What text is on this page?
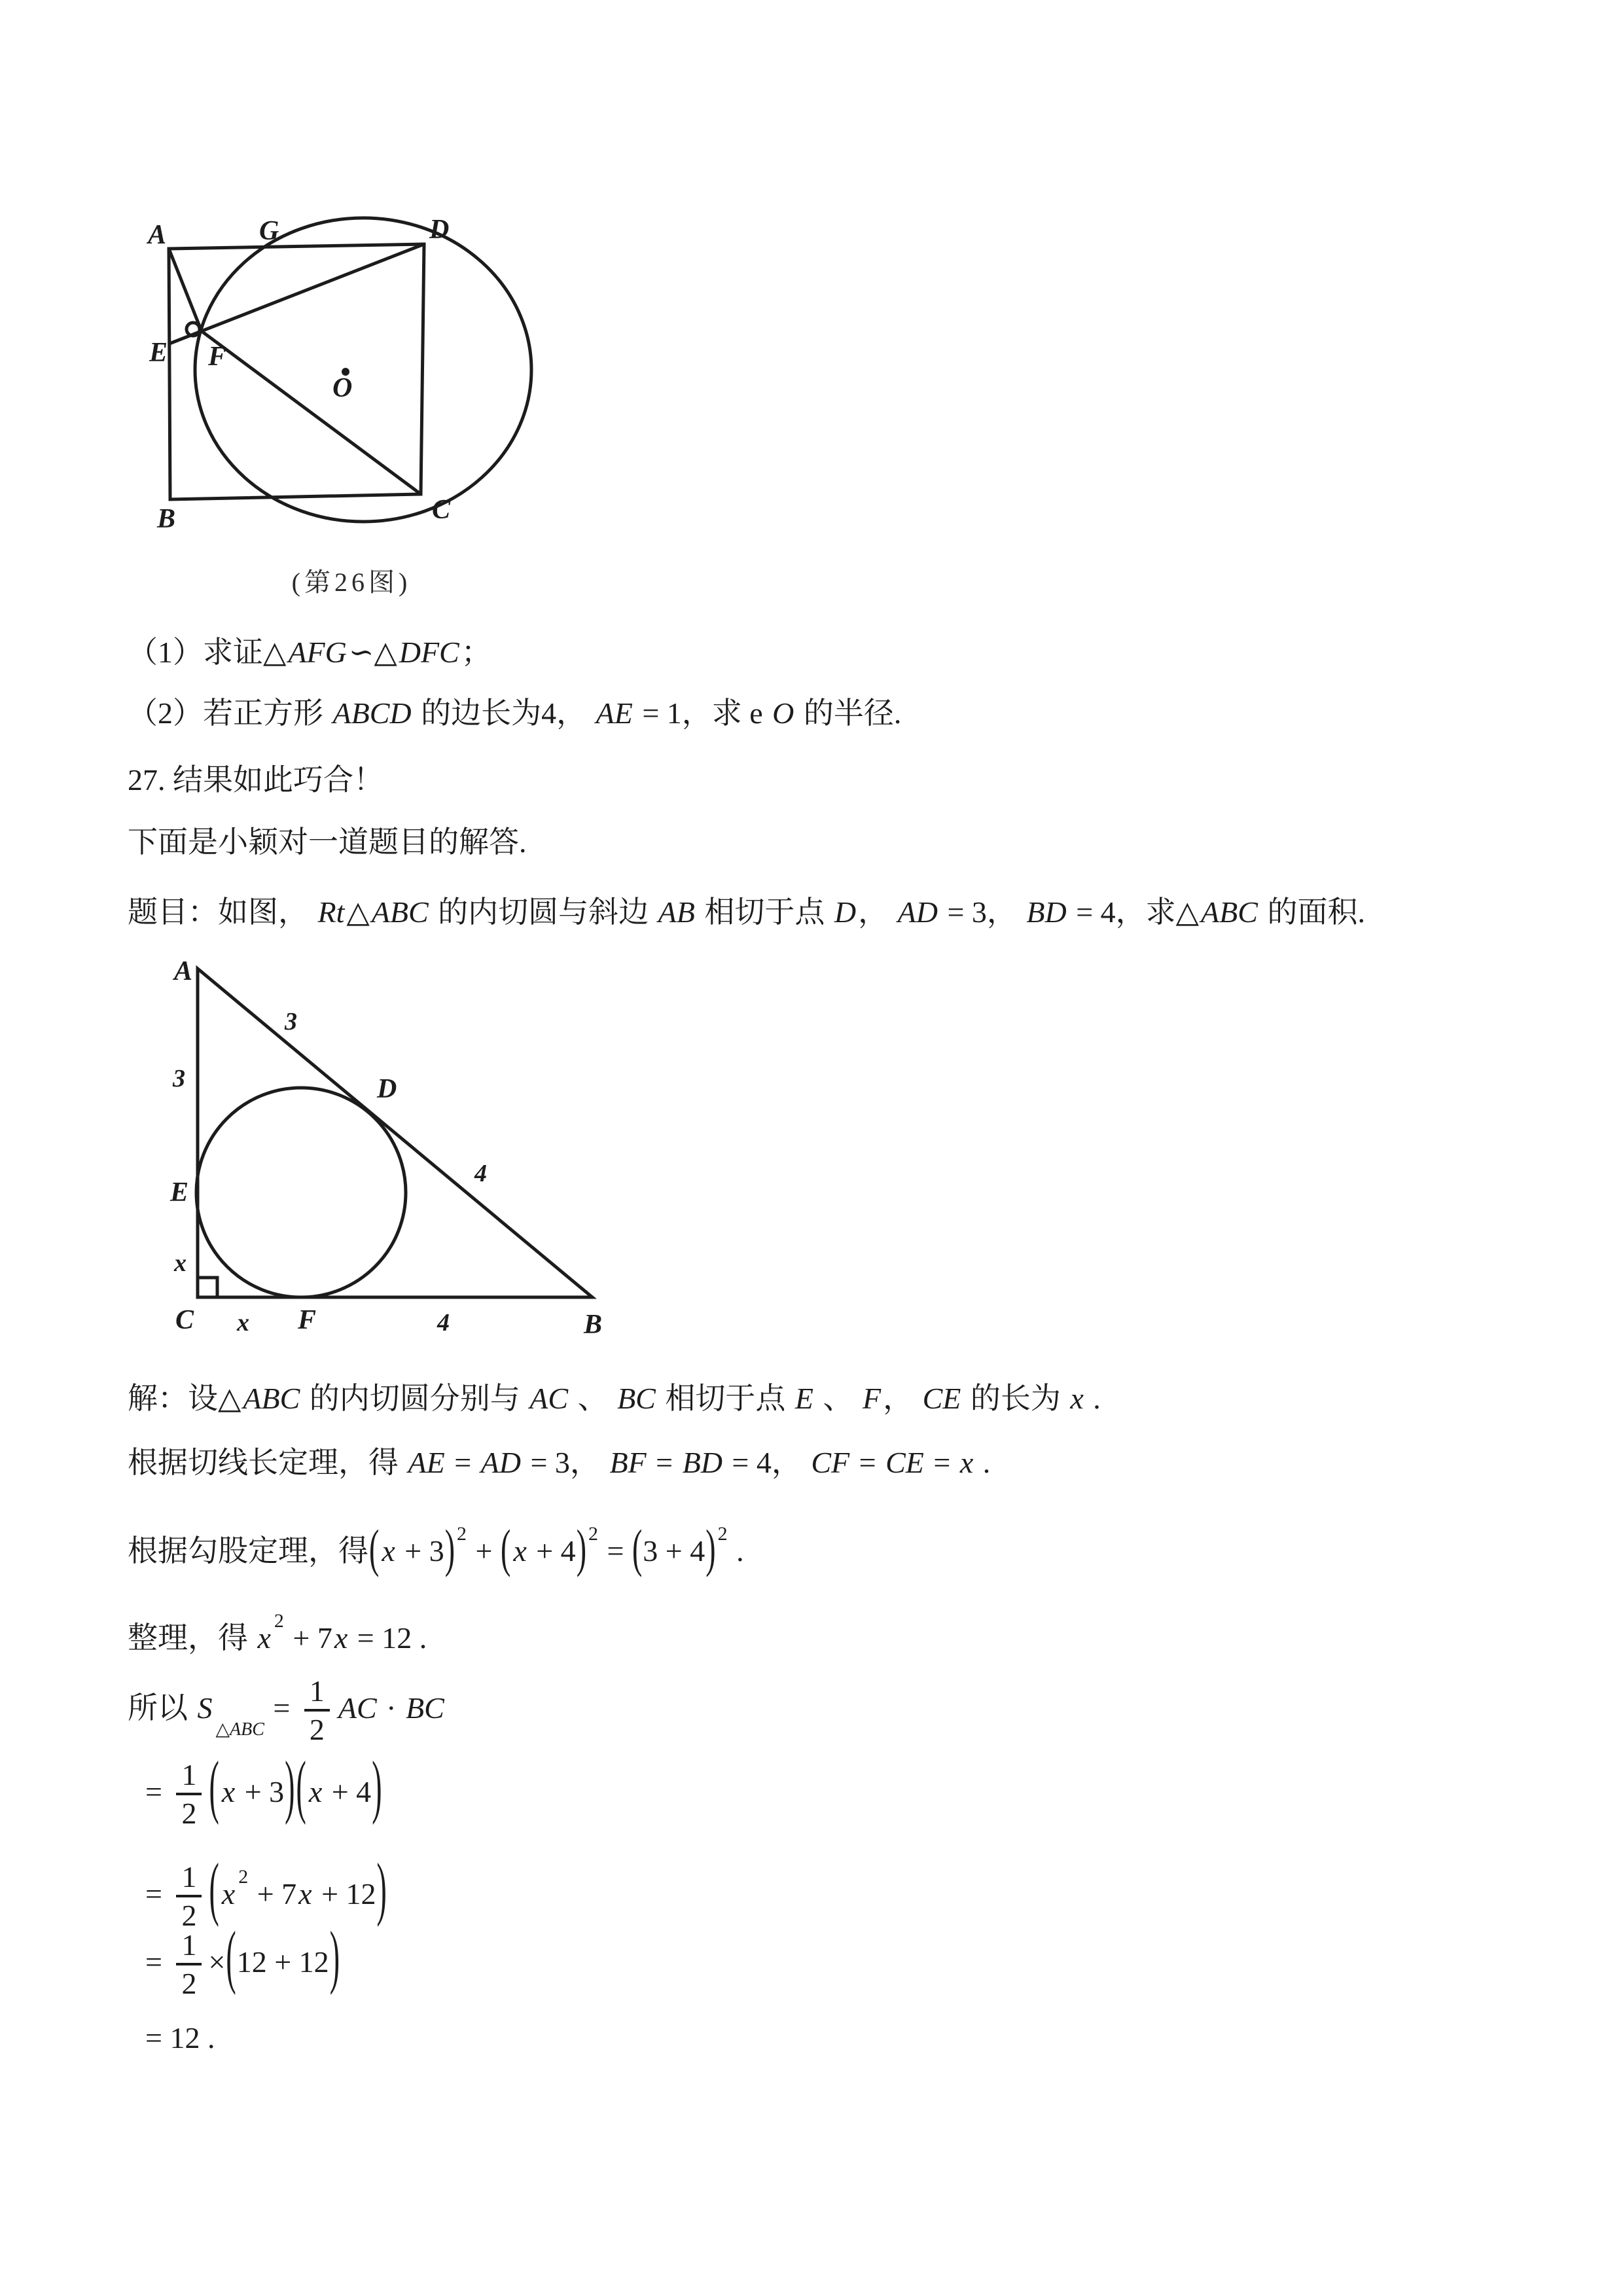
A	G	D
E F
O
B	C
(第26图)
（1）求证△AFG∽△DFC；
（2）若正方形 ABCD 的边长为4， AE = 1，求 e O 的半径.
27. 结果如此巧合！
下面是小颖对一道题目的解答.
题目：如图， Rt△ABC 的内切圆与斜边 AB 相切于点 D， AD = 3， BD = 4，求△ABC 的面积.
A
3
D
3
E
4
x
C x F	4	B
解：设△ABC 的内切圆分别与 AC 、 BC 相切于点 E 、 F， CE 的长为 x .
根据切线长定理，得 AE = AD = 3， BF = BD = 4， CF = CE = x .
根据勾股定理，得(x + 3) $^2$ + (x + 4) $^2$ = (3 + 4) $^2$ .
整理，得 $x^2 + 7x = 12$ .
所以 $S_{\triangle ABC} = \frac{1}{2}$ AC · BC
= $\frac{1}{2} (x + 3)(x + 4)$
= $\frac{1}{2} (x^2 + 7x + 12)$
= $\frac{1}{2} \times(12 + 12)$
= 12 .
